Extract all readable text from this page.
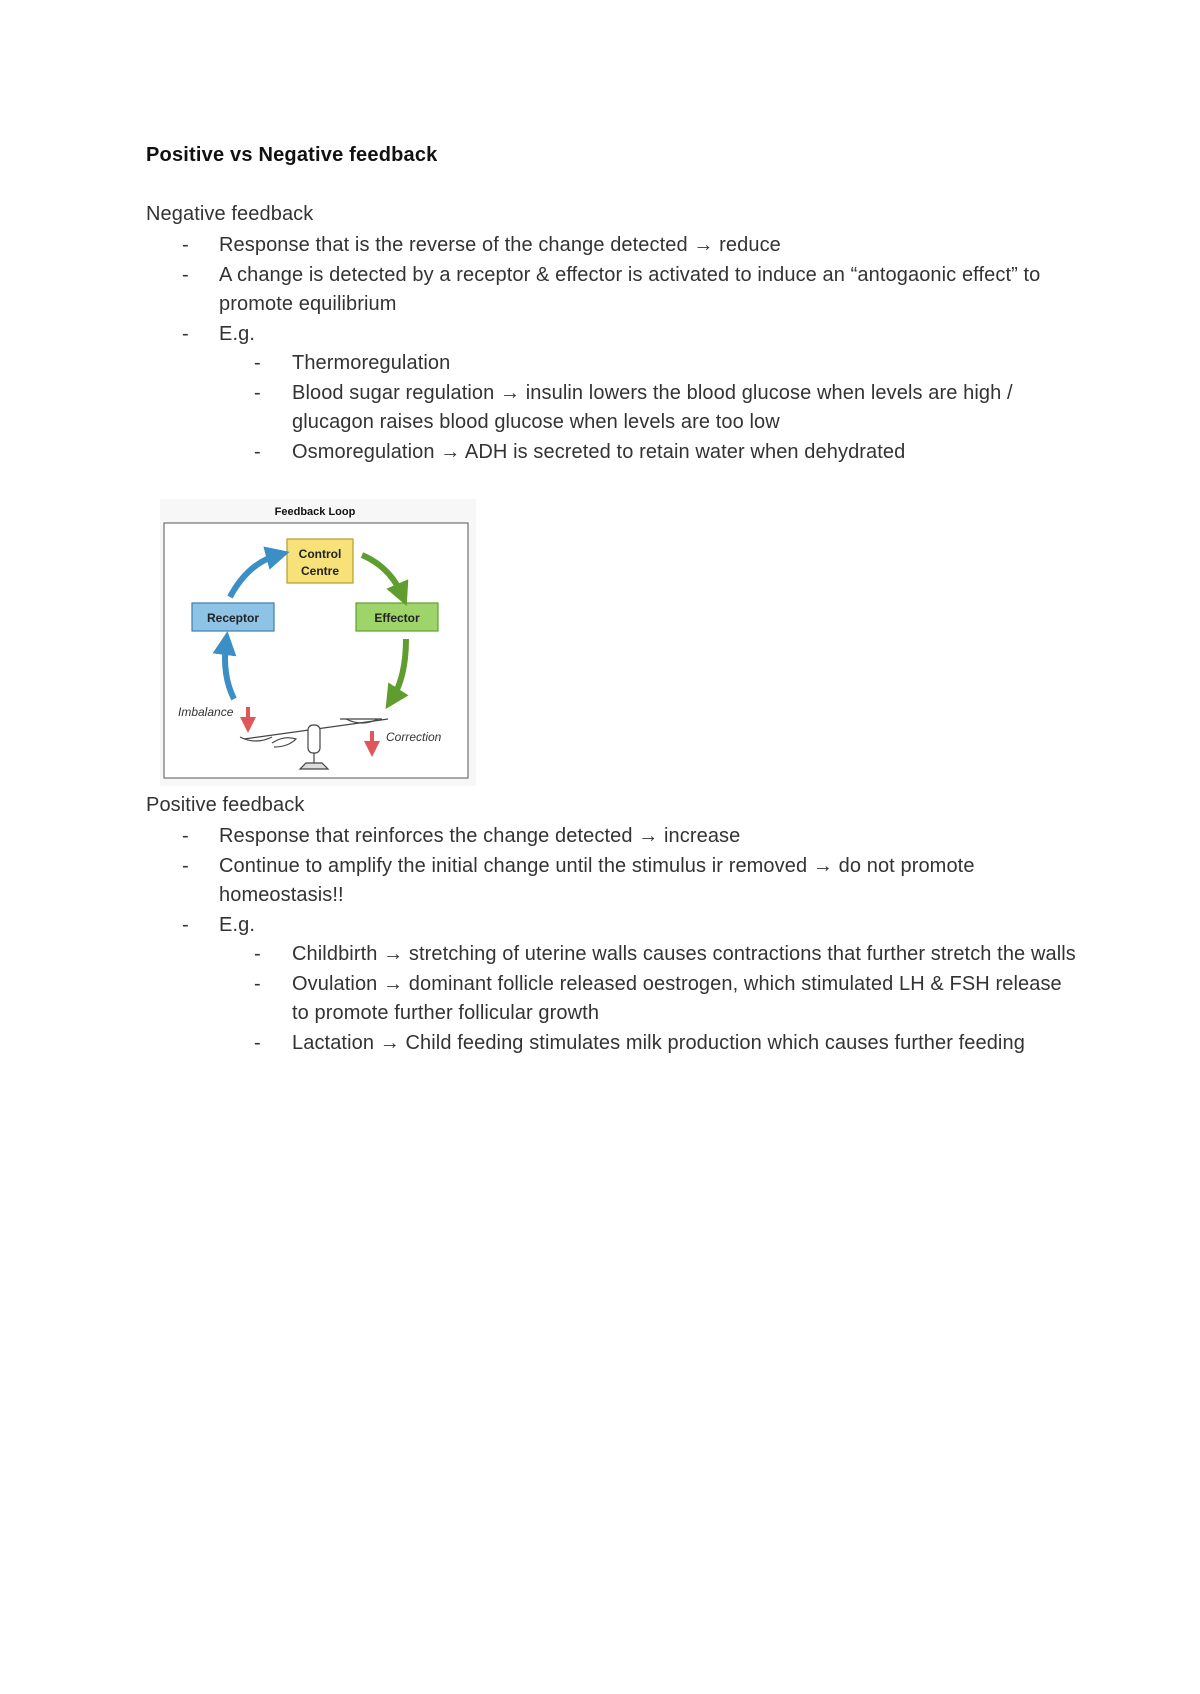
Positive vs Negative feedback
Negative feedback
- Response that is the reverse of the change detected → reduce
- A change is detected by a receptor & effector is activated to induce an “antogaonic effect” to promote equilibrium
- E.g.
- Thermoregulation
- Blood sugar regulation → insulin lowers the blood glucose when levels are high / glucagon raises blood glucose when levels are too low
- Osmoregulation → ADH is secreted to retain water when dehydrated
Feedback Loop
Control
Centre
Receptor	Effector
Imbalance
Correction
Positive feedback
- Response that reinforces the change detected → increase
- Continue to amplify the initial change until the stimulus ir removed → do not promote homeostasis!!
- E.g.
- Childbirth → stretching of uterine walls causes contractions that further stretch the walls
- Ovulation → dominant follicle released oestrogen, which stimulated LH & FSH release to promote further follicular growth
- Lactation → Child feeding stimulates milk production which causes further feeding
